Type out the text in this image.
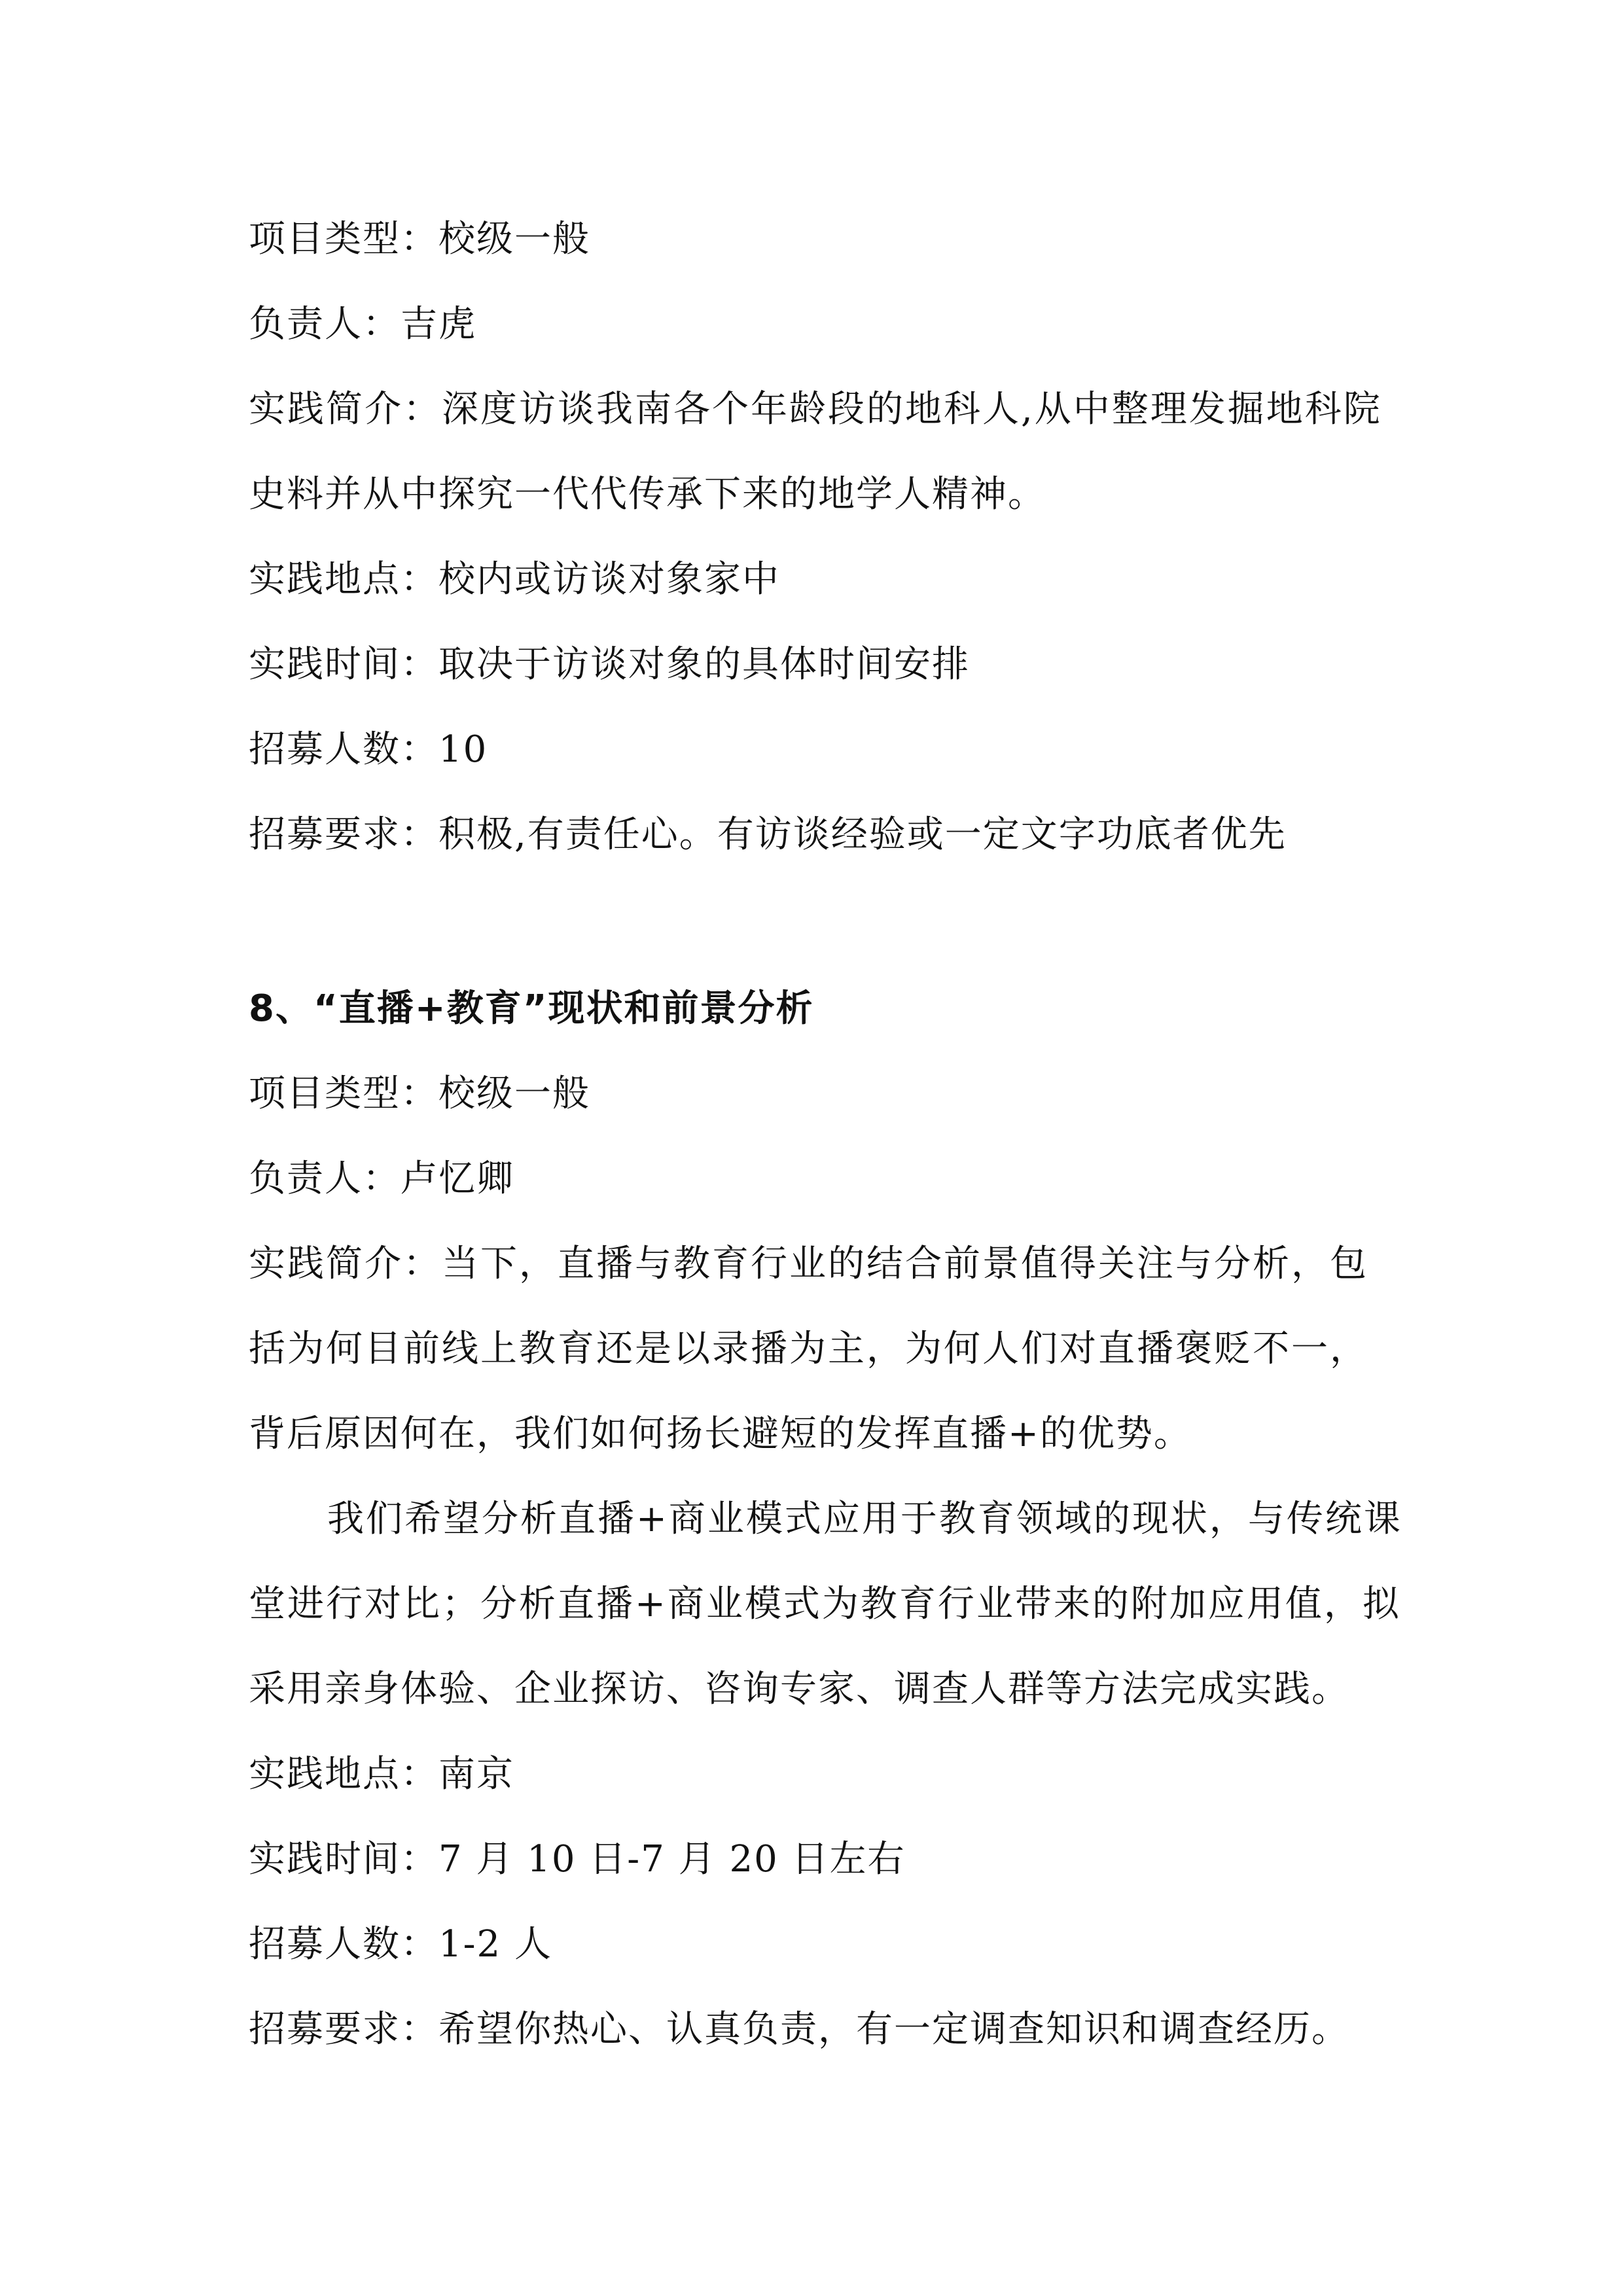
项目类型：校级一般
负责人：吉虎
实践简介：深度访谈我南各个年龄段的地科人,从中整理发掘地科院
史料并从中探究一代代传承下来的地学人精神。
实践地点：校内或访谈对象家中
实践时间：取决于访谈对象的具体时间安排
招募人数：10
招募要求：积极,有责任心。有访谈经验或一定文字功底者优先
8、“直播+教育”现状和前景分析
项目类型：校级一般
负责人：卢忆卿
实践简介：当下，直播与教育行业的结合前景值得关注与分析，包
括为何目前线上教育还是以录播为主，为何人们对直播褒贬不一，
背后原因何在，我们如何扬长避短的发挥直播+的优势。
我们希望分析直播+商业模式应用于教育领域的现状，与传统课
堂进行对比；分析直播+商业模式为教育行业带来的附加应用值，拟
采用亲身体验、企业探访、咨询专家、调查人群等方法完成实践。
实践地点：南京
实践时间：7 月 10 日-7 月 20 日左右
招募人数：1-2 人
招募要求：希望你热心、认真负责，有一定调查知识和调查经历。
